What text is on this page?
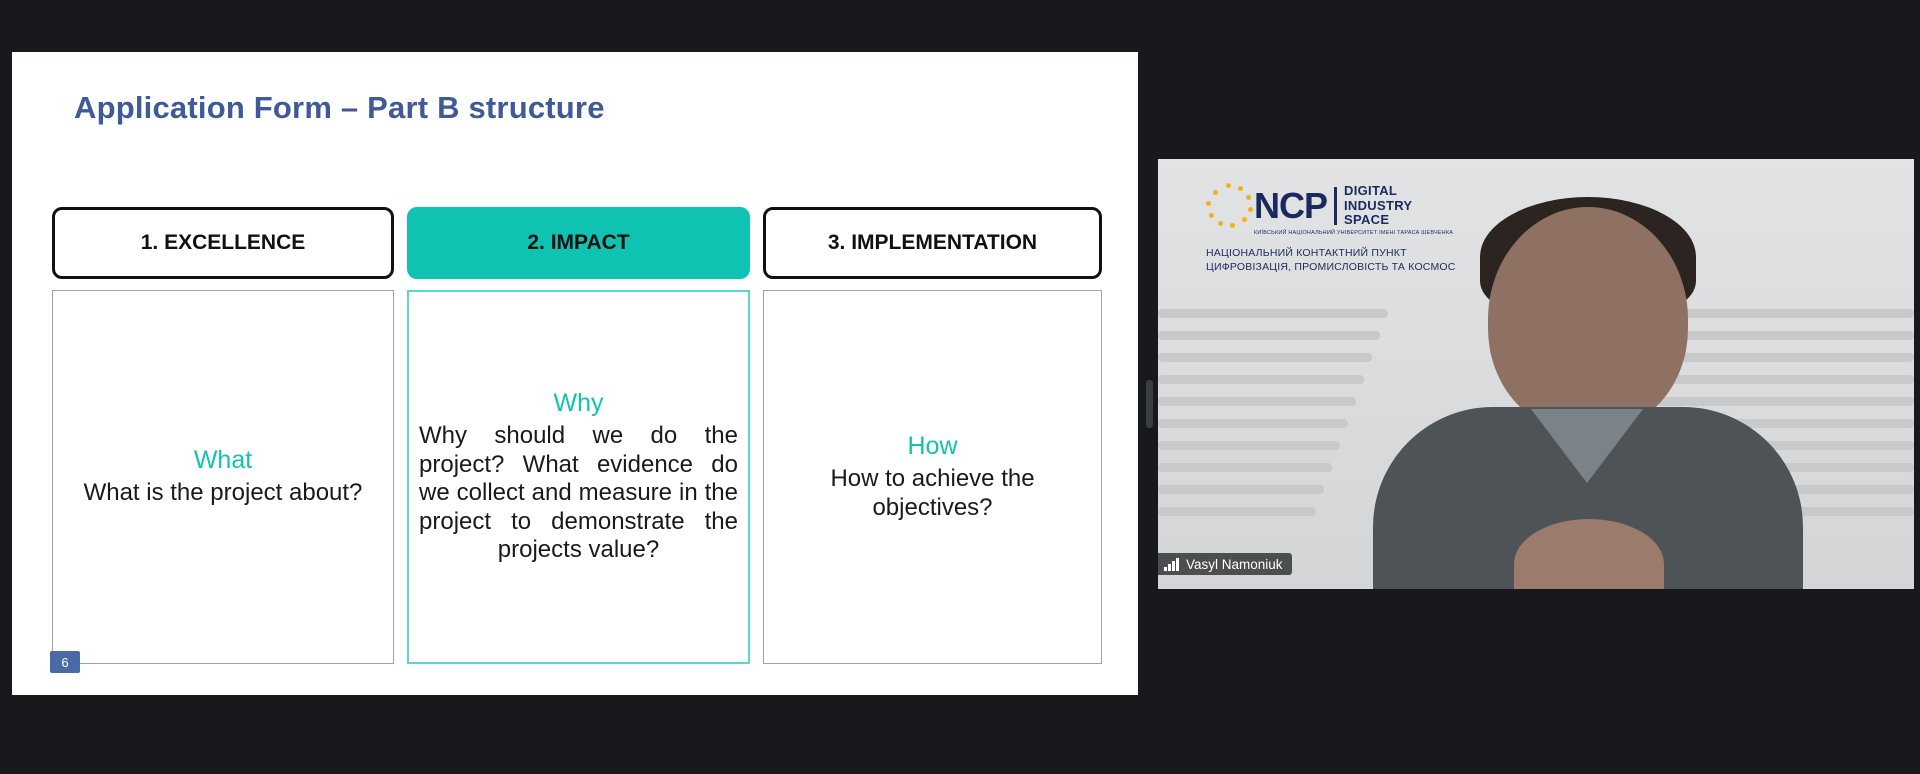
Application Form – Part B structure
1. EXCELLENCE	2. IMPACT	3. IMPLEMENTATION
What
What is the project about?
Why
Why should we do the project? What evidence do we collect and measure in the project to demonstrate the projects value?
How
How to achieve the objectives?
6
NCP DIGITAL
INDUSTRY
SPACE
КИЇВСЬКИЙ НАЦІОНАЛЬНИЙ УНІВЕРСИТЕТ ІМЕНІ ТАРАСА ШЕВЧЕНКА
НАЦІОНАЛЬНИЙ КОНТАКТНИЙ ПУНКТ
ЦИФРОВІЗАЦІЯ, ПРОМИСЛОВІСТЬ ТА КОСМОС
Vasyl Namoniuk
